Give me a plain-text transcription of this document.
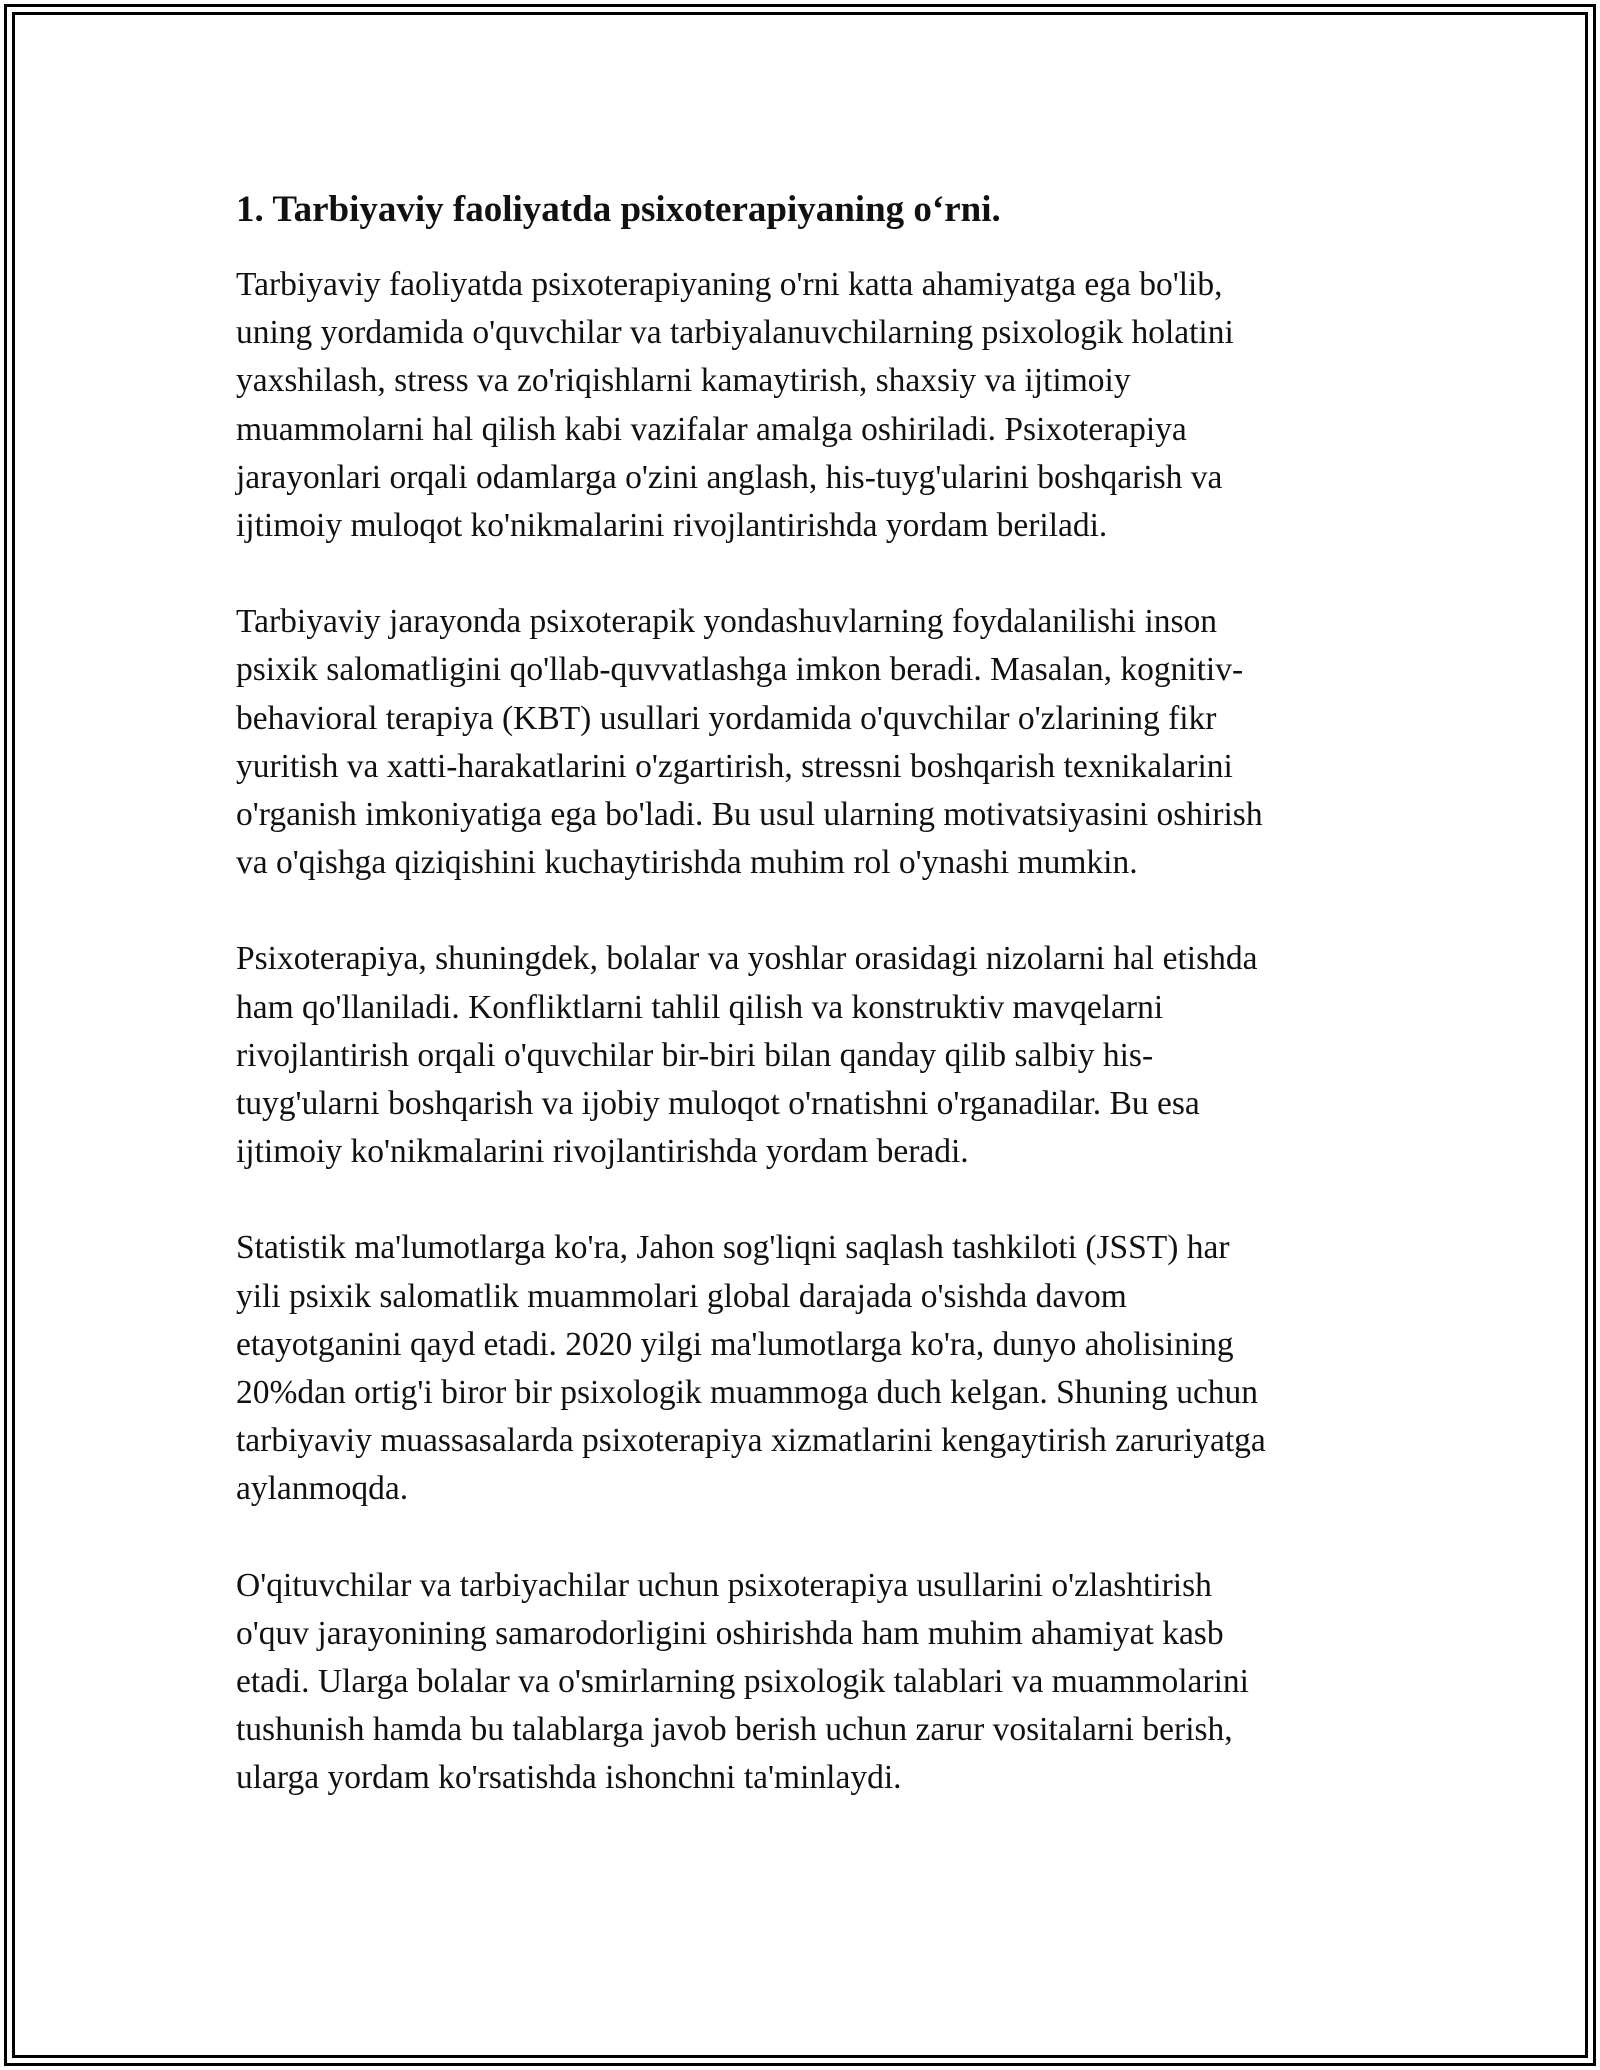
1. Tarbiyaviy faoliyatda psixoterapiyaning o‘rni.

Tarbiyaviy faoliyatda psixoterapiyaning o'rni katta ahamiyatga ega bo'lib,
uning yordamida o'quvchilar va tarbiyalanuvchilarning psixologik holatini
yaxshilash, stress va zo'riqishlarni kamaytirish, shaxsiy va ijtimoiy
muammolarni hal qilish kabi vazifalar amalga oshiriladi. Psixoterapiya
jarayonlari orqali odamlarga o'zini anglash, his-tuyg'ularini boshqarish va
ijtimoiy muloqot ko'nikmalarini rivojlantirishda yordam beriladi.

Tarbiyaviy jarayonda psixoterapik yondashuvlarning foydalanilishi inson
psixik salomatligini qo'llab-quvvatlashga imkon beradi. Masalan, kognitiv-
behavioral terapiya (KBT) usullari yordamida o'quvchilar o'zlarining fikr
yuritish va xatti-harakatlarini o'zgartirish, stressni boshqarish texnikalarini
o'rganish imkoniyatiga ega bo'ladi. Bu usul ularning motivatsiyasini oshirish
va o'qishga qiziqishini kuchaytirishda muhim rol o'ynashi mumkin.

Psixoterapiya, shuningdek, bolalar va yoshlar orasidagi nizolarni hal etishda
ham qo'llaniladi. Konfliktlarni tahlil qilish va konstruktiv mavqelarni
rivojlantirish orqali o'quvchilar bir-biri bilan qanday qilib salbiy his-
tuyg'ularni boshqarish va ijobiy muloqot o'rnatishni o'rganadilar. Bu esa
ijtimoiy ko'nikmalarini rivojlantirishda yordam beradi.

Statistik ma'lumotlarga ko'ra, Jahon sog'liqni saqlash tashkiloti (JSST) har
yili psixik salomatlik muammolari global darajada o'sishda davom
etayotganini qayd etadi. 2020 yilgi ma'lumotlarga ko'ra, dunyo aholisining
20%dan ortig'i biror bir psixologik muammoga duch kelgan. Shuning uchun
tarbiyaviy muassasalarda psixoterapiya xizmatlarini kengaytirish zaruriyatga
aylanmoqda.

O'qituvchilar va tarbiyachilar uchun psixoterapiya usullarini o'zlashtirish
o'quv jarayonining samarodorligini oshirishda ham muhim ahamiyat kasb
etadi. Ularga bolalar va o'smirlarning psixologik talablari va muammolarini
tushunish hamda bu talablarga javob berish uchun zarur vositalarni berish,
ularga yordam ko'rsatishda ishonchni ta'minlaydi.
